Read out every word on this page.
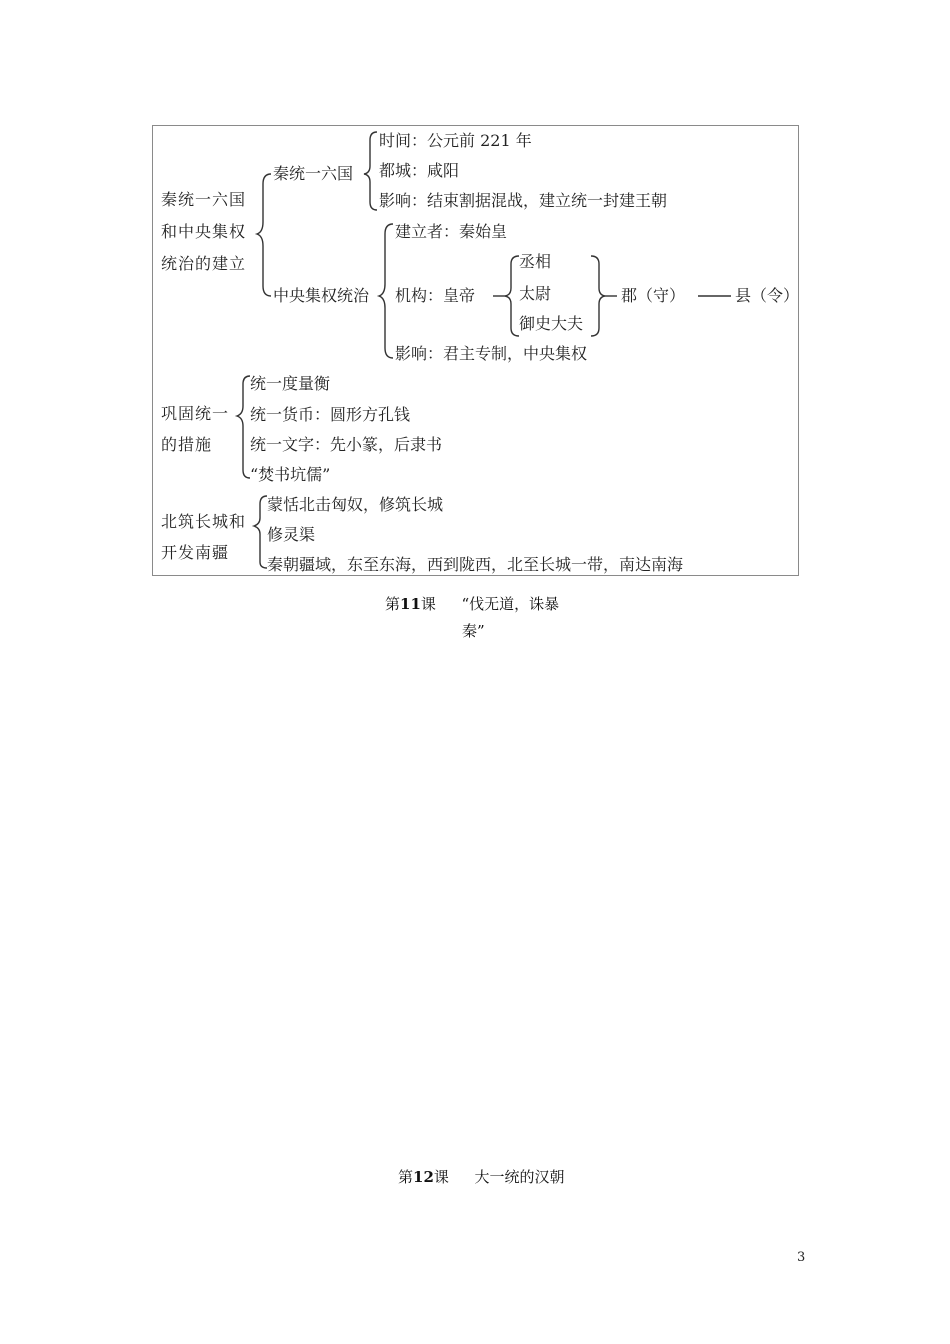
秦统一六国
和中央集权
统治的建立
秦统一六国
时间：公元前 221 年
都城：咸阳
影响：结束割据混战，建立统一封建王朝
中央集权统治
建立者：秦始皇
机构：皇帝
丞相
太尉
御史大夫
郡（守）	县（令）
影响：君主专制，中央集权
巩固统一
的措施
统一度量衡
统一货币：圆形方孔钱
统一文字：先小篆，后隶书
“焚书坑儒”
北筑长城和
开发南疆
蒙恬北击匈奴，修筑长城
修灵渠
秦朝疆域，东至东海，西到陇西，北至长城一带，南达南海
第11课 “伐无道，诛暴
秦”
第12课 大一统的汉朝
3
